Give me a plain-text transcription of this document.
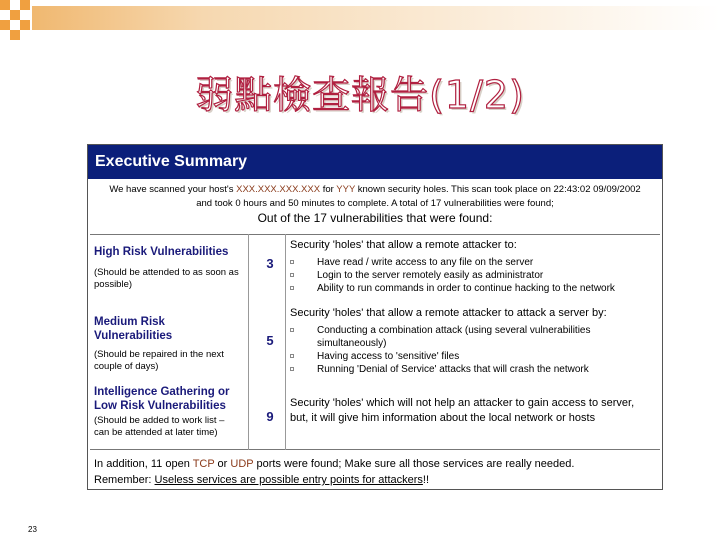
弱點檢查報告(1/2)
Executive Summary
We have scanned your host's XXX.XXX.XXX.XXX for YYY known security holes. This scan took place on 22:43:02 09/09/2002
and took 0 hours and 50 minutes to complete. A total of 17 vulnerabilities were found;
Out of the 17 vulnerabilities that were found:
High Risk Vulnerabilities
(Should be attended to as soon as possible)
3
Security 'holes' that allow a remote attacker to:
Have read / write access to any file on the server
Login to the server remotely easily as administrator
Ability to run commands in order to continue hacking to the network
Medium Risk Vulnerabilities
(Should be repaired in the next couple of days)
5
Security 'holes' that allow a remote attacker to attack a server by:
Conducting a combination attack (using several vulnerabilities simultaneously)
Having access to 'sensitive' files
Running 'Denial of Service' attacks that will crash the network
Intelligence Gathering or Low Risk Vulnerabilities
(Should be added to work list – can be attended at later time)
9
Security 'holes' which will not help an attacker to gain access to server, but, it will give him information about the local network or hosts
In addition, 11 open TCP or UDP ports were found; Make sure all those services are really needed.
Remember: Useless services are possible entry points for attackers!!
23
